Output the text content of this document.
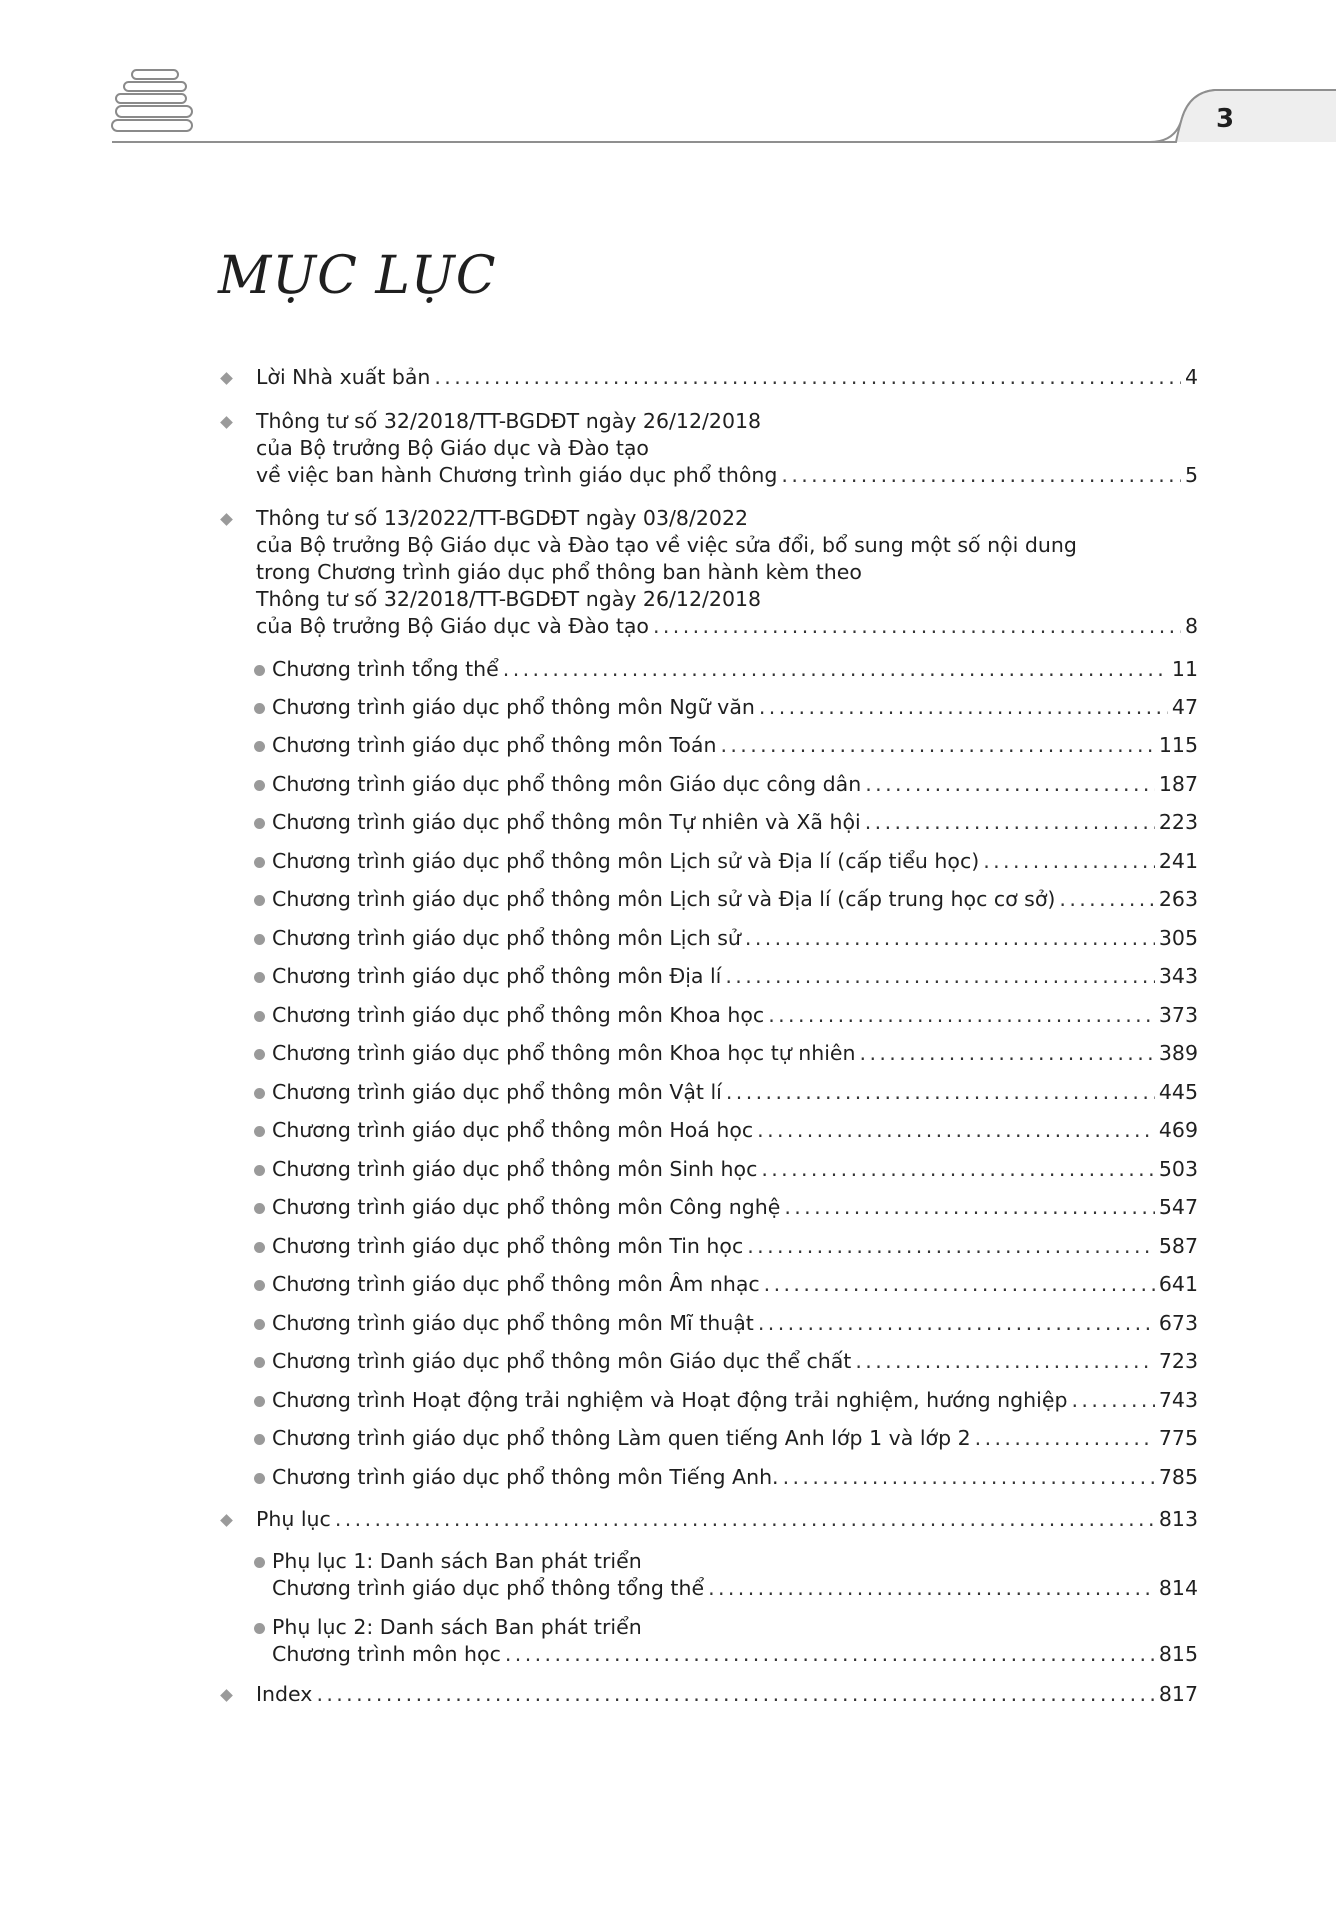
3
MỤC LỤC
Lời Nhà xuất bản .....	4
Thông tư số 32/2018/TT-BGDĐT ngày 26/12/2018
của Bộ trưởng Bộ Giáo dục và Đào tạo
về việc ban hành Chương trình giáo dục phổ thông .....	5
Thông tư số 13/2022/TT-BGDĐT ngày 03/8/2022
của Bộ trưởng Bộ Giáo dục và Đào tạo về việc sửa đổi, bổ sung một số nội dung
trong Chương trình giáo dục phổ thông ban hành kèm theo
Thông tư số 32/2018/TT-BGDĐT ngày 26/12/2018
của Bộ trưởng Bộ Giáo dục và Đào tạo .....	8
Chương trình tổng thể .....	11
Chương trình giáo dục phổ thông môn Ngữ văn .....	47
Chương trình giáo dục phổ thông môn Toán .....	115
Chương trình giáo dục phổ thông môn Giáo dục công dân .....	187
Chương trình giáo dục phổ thông môn Tự nhiên và Xã hội .....	223
Chương trình giáo dục phổ thông môn Lịch sử và Địa lí (cấp tiểu học) .....	241
Chương trình giáo dục phổ thông môn Lịch sử và Địa lí (cấp trung học cơ sở) .....	263
Chương trình giáo dục phổ thông môn Lịch sử .....	305
Chương trình giáo dục phổ thông môn Địa lí .....	343
Chương trình giáo dục phổ thông môn Khoa học .....	373
Chương trình giáo dục phổ thông môn Khoa học tự nhiên .....	389
Chương trình giáo dục phổ thông môn Vật lí .....	445
Chương trình giáo dục phổ thông môn Hoá học .....	469
Chương trình giáo dục phổ thông môn Sinh học .....	503
Chương trình giáo dục phổ thông môn Công nghệ .....	547
Chương trình giáo dục phổ thông môn Tin học .....	587
Chương trình giáo dục phổ thông môn Âm nhạc .....	641
Chương trình giáo dục phổ thông môn Mĩ thuật .....	673
Chương trình giáo dục phổ thông môn Giáo dục thể chất .....	723
Chương trình Hoạt động trải nghiệm và Hoạt động trải nghiệm, hướng nghiệp .....	743
Chương trình giáo dục phổ thông Làm quen tiếng Anh lớp 1 và lớp 2 .....	775
Chương trình giáo dục phổ thông môn Tiếng Anh. .....	785
Phụ lục .....	813
Phụ lục 1: Danh sách Ban phát triển
Chương trình giáo dục phổ thông tổng thể .....	814
Phụ lục 2: Danh sách Ban phát triển
Chương trình môn học .....	815
Index .....	817
